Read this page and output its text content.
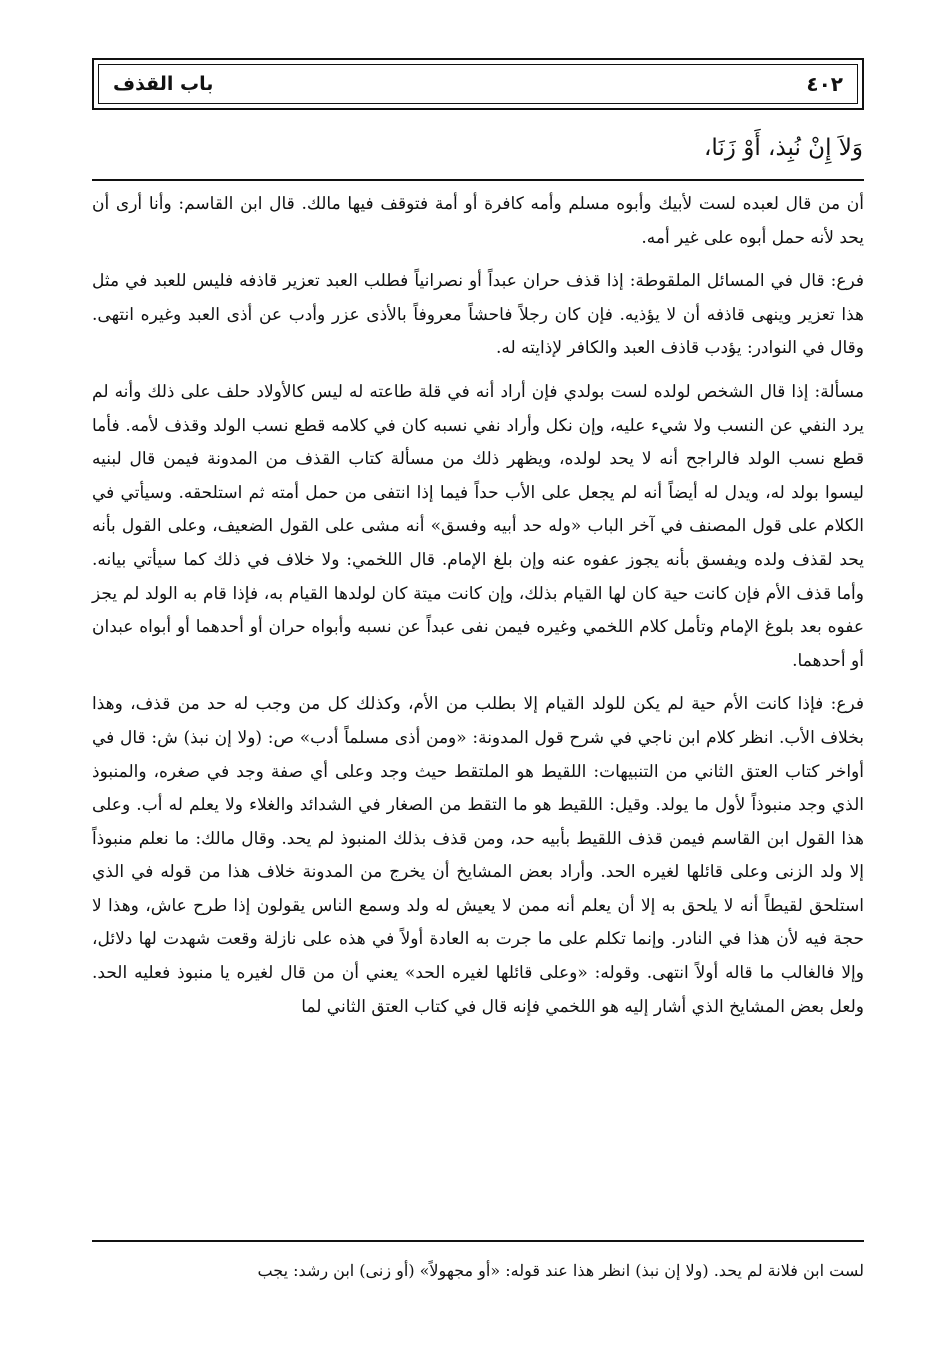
٤٠٢
باب القذف
وَلاَ إِنْ نُبِذ، أَوْ زَنَا،

أن من قال لعبده لست لأبيك وأبوه مسلم وأمه كافرة أو أمة فتوقف فيها مالك. قال ابن القاسم: وأنا أرى أن يحد لأنه حمل أبوه على غير أمه.

فرع: قال في المسائل الملقوطة: إذا قذف حران عبداً أو نصرانياً فطلب العبد تعزير قاذفه فليس للعبد في مثل هذا تعزير وينهى قاذفه أن لا يؤذيه. فإن كان رجلاً فاحشاً معروفاً بالأذى عزر وأدب عن أذى العبد وغيره انتهى. وقال في النوادر: يؤدب قاذف العبد والكافر لإذايته له.

مسألة: إذا قال الشخص لولده لست بولدي فإن أراد أنه في قلة طاعته له ليس كالأولاد حلف على ذلك وأنه لم يرد النفي عن النسب ولا شيء عليه، وإن نكل وأراد نفي نسبه كان في كلامه قطع نسب الولد وقذف لأمه. فأما قطع نسب الولد فالراجح أنه لا يحد لولده، ويظهر ذلك من مسألة كتاب القذف من المدونة فيمن قال لبنيه ليسوا بولد له، ويدل له أيضاً أنه لم يجعل على الأب حداً فيما إذا انتفى من حمل أمته ثم استلحقه. وسيأتي في الكلام على قول المصنف في آخر الباب «وله حد أبيه وفسق» أنه مشى على القول الضعيف، وعلى القول بأنه يحد لقذف ولده ويفسق بأنه يجوز عفوه عنه وإن بلغ الإمام. قال اللخمي: ولا خلاف في ذلك كما سيأتي بيانه. وأما قذف الأم فإن كانت حية كان لها القيام بذلك، وإن كانت ميتة كان لولدها القيام به، فإذا قام به الولد لم يجز عفوه بعد بلوغ الإمام وتأمل كلام اللخمي وغيره فيمن نفى عبداً عن نسبه وأبواه حران أو أحدهما أو أبواه عبدان أو أحدهما.

فرع: فإذا كانت الأم حية لم يكن للولد القيام إلا بطلب من الأم، وكذلك كل من وجب له حد من قذف، وهذا بخلاف الأب. انظر كلام ابن ناجي في شرح قول المدونة: «ومن أذى مسلماً أدب» ص: (ولا إن نبذ) ش: قال في أواخر كتاب العتق الثاني من التنبيهات: اللقيط هو الملتقط حيث وجد وعلى أي صفة وجد في صغره، والمنبوذ الذي وجد منبوذاً لأول ما يولد. وقيل: اللقيط هو ما التقط من الصغار في الشدائد والغلاء ولا يعلم له أب. وعلى هذا القول ابن القاسم فيمن قذف اللقيط بأبيه حد، ومن قذف بذلك المنبوذ لم يحد. وقال مالك: ما نعلم منبوذاً إلا ولد الزنى وعلى قائلها لغيره الحد. وأراد بعض المشايخ أن يخرج من المدونة خلاف هذا من قوله في الذي استلحق لقيطاً أنه لا يلحق به إلا أن يعلم أنه ممن لا يعيش له ولد وسمع الناس يقولون إذا طرح عاش، وهذا لا حجة فيه لأن هذا في النادر. وإنما تكلم على ما جرت به العادة أولاً في هذه على نازلة وقعت شهدت لها دلائل، وإلا فالغالب ما قاله أولاً انتهى. وقوله: «وعلى قائلها لغيره الحد» يعني أن من قال لغيره يا منبوذ فعليه الحد. ولعل بعض المشايخ الذي أشار إليه هو اللخمي فإنه قال في كتاب العتق الثاني لما

لست ابن فلانة لم يحد. (ولا إن نبذ) انظر هذا عند قوله: «أو مجهولاً» (أو زنى) ابن رشد: يجب
